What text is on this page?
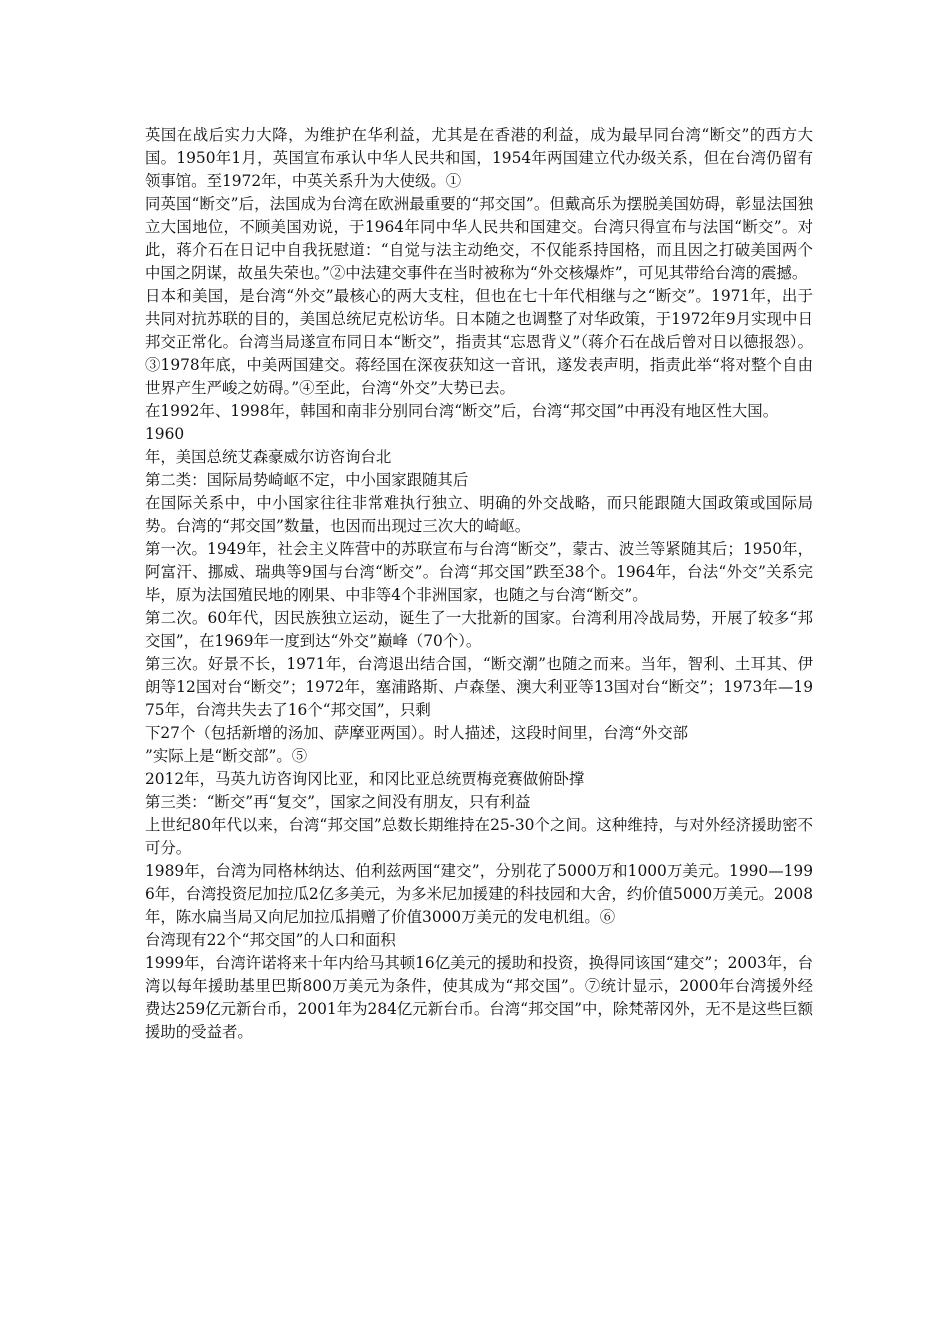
英国在战后实力大降，为维护在华利益，尤其是在香港的利益，成为最早同台湾“断交”的西方大国。1950年1月，英国宣布承认中华人民共和国，1954年两国建立代办级关系，但在台湾仍留有领事馆。至1972年，中英关系升为大使级。①

同英国“断交”后，法国成为台湾在欧洲最重要的“邦交国”。但戴高乐为摆脱美国妨碍，彰显法国独立大国地位，不顾美国劝说，于1964年同中华人民共和国建交。台湾只得宣布与法国“断交”。对此，蒋介石在日记中自我抚慰道：“自觉与法主动绝交，不仅能系持国格，而且因之打破美国两个中国之阴谋，故虽失荣也。”②中法建交事件在当时被称为“外交核爆炸”，可见其带给台湾的震撼。

日本和美国，是台湾“外交”最核心的两大支柱，但也在七十年代相继与之“断交”。1971年，出于共同对抗苏联的目的，美国总统尼克松访华。日本随之也调整了对华政策，于1972年9月实现中日邦交正常化。台湾当局遂宣布同日本“断交”，指责其“忘恩背义”（蒋介石在战后曾对日以德报怨）。③1978年底，中美两国建交。蒋经国在深夜获知这一音讯，遂发表声明，指责此举“将对整个自由世界产生严峻之妨碍。”④至此，台湾“外交”大势已去。

在1992年、1998年，韩国和南非分别同台湾“断交”后，台湾“邦交国”中再没有地区性大国。

1960

年，美国总统艾森豪威尔访咨询台北

第二类：国际局势崎岖不定，中小国家跟随其后

在国际关系中，中小国家往往非常难执行独立、明确的外交战略，而只能跟随大国政策或国际局势。台湾的“邦交国”数量，也因而出现过三次大的崎岖。

第一次。1949年，社会主义阵营中的苏联宣布与台湾“断交”，蒙古、波兰等紧随其后；1950年，阿富汗、挪威、瑞典等9国与台湾“断交”。台湾“邦交国”跌至38个。1964年，台法“外交”关系完毕，原为法国殖民地的刚果、中非等4个非洲国家，也随之与台湾“断交”。

第二次。60年代，因民族独立运动，诞生了一大批新的国家。台湾利用冷战局势，开展了较多“邦交国”，在1969年一度到达“外交”巅峰（70个）。

第三次。好景不长，1971年，台湾退出结合国，“断交潮”也随之而来。当年，智利、土耳其、伊朗等12国对台“断交”；1972年，塞浦路斯、卢森堡、澳大利亚等13国对台“断交”；1973年—1975年，台湾共失去了16个“邦交国”，只剩

下27个（包括新增的汤加、萨摩亚两国）。时人描述，这段时间里，台湾“外交部

”实际上是“断交部”。⑤

2012年，马英九访咨询冈比亚，和冈比亚总统贾梅竞赛做俯卧撑

第三类：“断交”再“复交”，国家之间没有朋友，只有利益

上世纪80年代以来，台湾“邦交国”总数长期维持在25-30个之间。这种维持，与对外经济援助密不可分。

1989年，台湾为同格林纳达、伯利兹两国“建交”，分别花了5000万和1000万美元。1990—1996年，台湾投资尼加拉瓜2亿多美元，为多米尼加援建的科技园和大舍，约价值5000万美元。2008年，陈水扁当局又向尼加拉瓜捐赠了价值3000万美元的发电机组。⑥

台湾现有22个“邦交国”的人口和面积

1999年，台湾许诺将来十年内给马其顿16亿美元的援助和投资，换得同该国“建交”；2003年，台湾以每年援助基里巴斯800万美元为条件，使其成为“邦交国”。⑦统计显示，2000年台湾援外经费达259亿元新台币，2001年为284亿元新台币。台湾“邦交国”中，除梵蒂冈外，无不是这些巨额援助的受益者。
